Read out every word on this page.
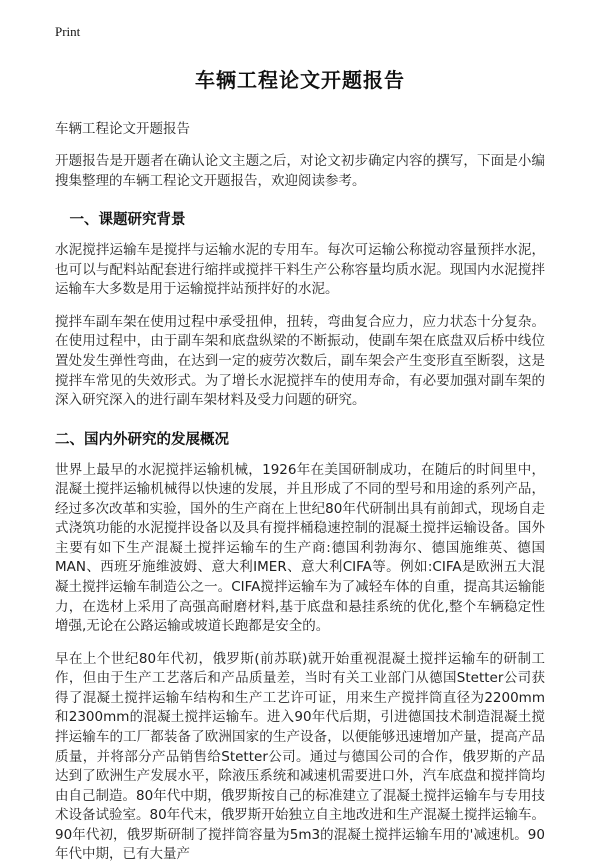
Print
车辆工程论文开题报告
车辆工程论文开题报告

开题报告是开题者在确认论文主题之后，对论文初步确定内容的撰写，下面是小编搜集整理的车辆工程论文开题报告，欢迎阅读参考。

　一、课题研究背景

水泥搅拌运输车是搅拌与运输水泥的专用车。每次可运输公称搅动容量预拌水泥，也可以与配料站配套进行缩拌或搅拌干料生产公称容量均质水泥。现国内水泥搅拌运输车大多数是用于运输搅拌站预拌好的水泥。

搅拌车副车架在使用过程中承受扭伸，扭转，弯曲复合应力，应力状态十分复杂。在使用过程中，由于副车架和底盘纵梁的不断振动，使副车架在底盘双后桥中线位置处发生弹性弯曲，在达到一定的疲劳次数后，副车架会产生变形直至断裂，这是搅拌车常见的失效形式。为了增长水泥搅拌车的使用寿命，有必要加强对副车架的深入研究深入的进行副车架材料及受力问题的研究。

二、国内外研究的发展概况

世界上最早的水泥搅拌运输机械，1926年在美国研制成功，在随后的时间里中，混凝土搅拌运输机械得以快速的发展，并且形成了不同的型号和用途的系列产品，经过多次改革和实验，国外的生产商在上世纪80年代研制出具有前卸式，现场自走式浇筑功能的水泥搅拌设备以及具有搅拌桶稳速控制的混凝土搅拌运输设备。国外主要有如下生产混凝土搅拌运输车的生产商:德国利勃海尔、德国施维英、德国MAN、西班牙施维波姆、意大利IMER、意大利CIFA等。例如:CIFA是欧洲五大混凝土搅拌运输车制造公之一。CIFA搅拌运输车为了减轻车体的自重，提高其运输能力，在选材上采用了高强高耐磨材料,基于底盘和悬挂系统的优化,整个车辆稳定性增强,无论在公路运输或坡道长跑都是安全的。

早在上个世纪80年代初，俄罗斯(前苏联)就开始重视混凝土搅拌运输车的研制工作，但由于生产工艺落后和产品质量差，当时有关工业部门从德国Stetter公司获得了混凝土搅拌运输车结构和生产工艺许可证，用来生产搅拌筒直径为2200mm和2300mm的混凝土搅拌运输车。进入90年代后期，引进德国技术制造混凝土搅拌运输车的工厂都装备了欧洲国家的生产设备，以便能够迅速增加产量，提高产品质量，并将部分产品销售给Stetter公司。通过与德国公司的合作，俄罗斯的产品达到了欧洲生产发展水平，除液压系统和减速机需要进口外，汽车底盘和搅拌筒均由自己制造。80年代中期，俄罗斯按自己的标准建立了混凝土搅拌运输车与专用技术设备试验室。80年代末，俄罗斯开始独立自主地改进和生产混凝土搅拌运输车。90年代初，俄罗斯研制了搅拌筒容量为5m3的混凝土搅拌运输车用的'减速机。90年代中期，已有大量产
